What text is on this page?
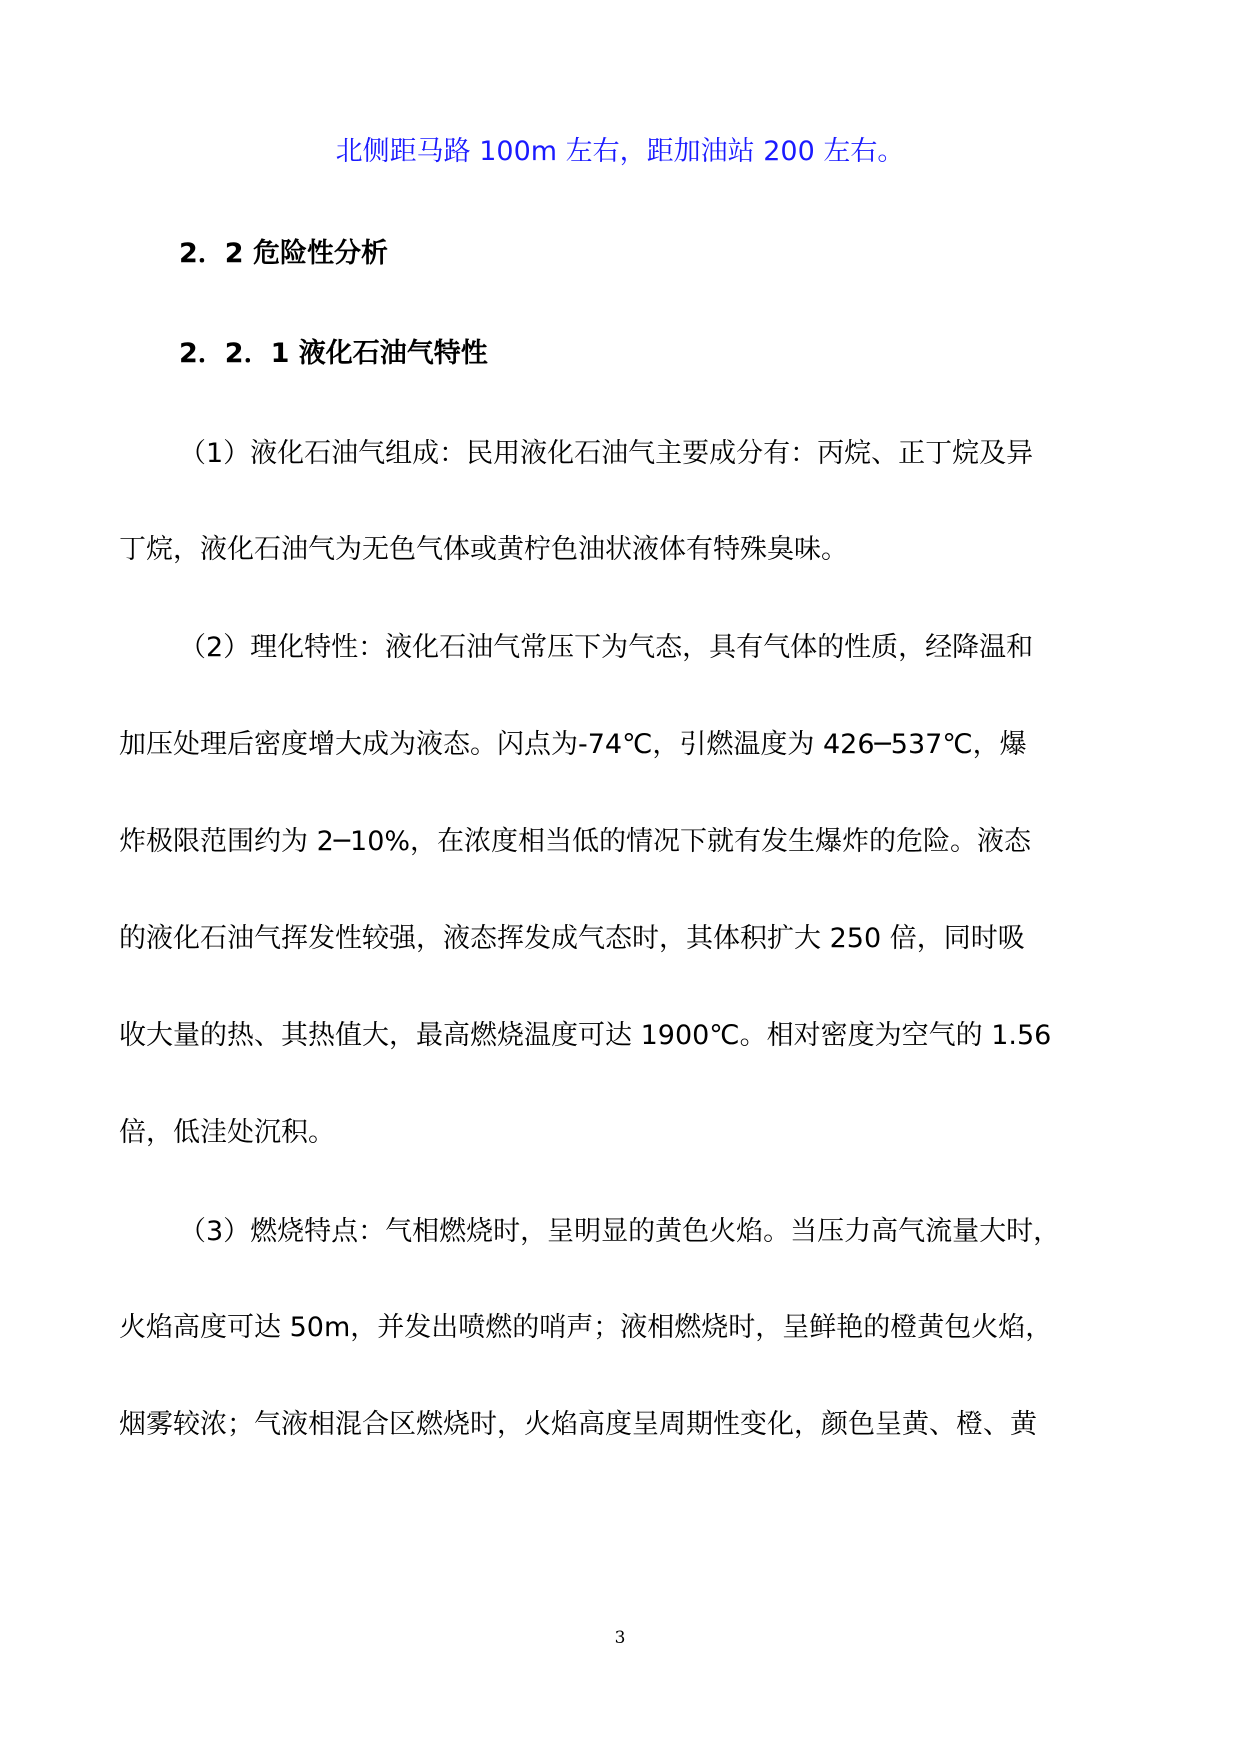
北侧距马路 100m 左右，距加油站 200 左右。
2．2 危险性分析
2．2．1 液化石油气特性
（1）液化石油气组成：民用液化石油气主要成分有：丙烷、正丁烷及异
丁烷，液化石油气为无色气体或黄柠色油状液体有特殊臭味。
（2）理化特性：液化石油气常压下为气态，具有气体的性质，经降温和
加压处理后密度增大成为液态。闪点为-74℃，引燃温度为 426─537℃，爆
炸极限范围约为 2─10%，在浓度相当低的情况下就有发生爆炸的危险。液态
的液化石油气挥发性较强，液态挥发成气态时，其体积扩大 250 倍，同时吸
收大量的热、其热值大，最高燃烧温度可达 1900℃。相对密度为空气的 1.56
倍，低洼处沉积。
（3）燃烧特点：气相燃烧时，呈明显的黄色火焰。当压力高气流量大时，
火焰高度可达 50m，并发出喷燃的哨声；液相燃烧时，呈鲜艳的橙黄包火焰，
烟雾较浓；气液相混合区燃烧时，火焰高度呈周期性变化，颜色呈黄、橙、黄
3
